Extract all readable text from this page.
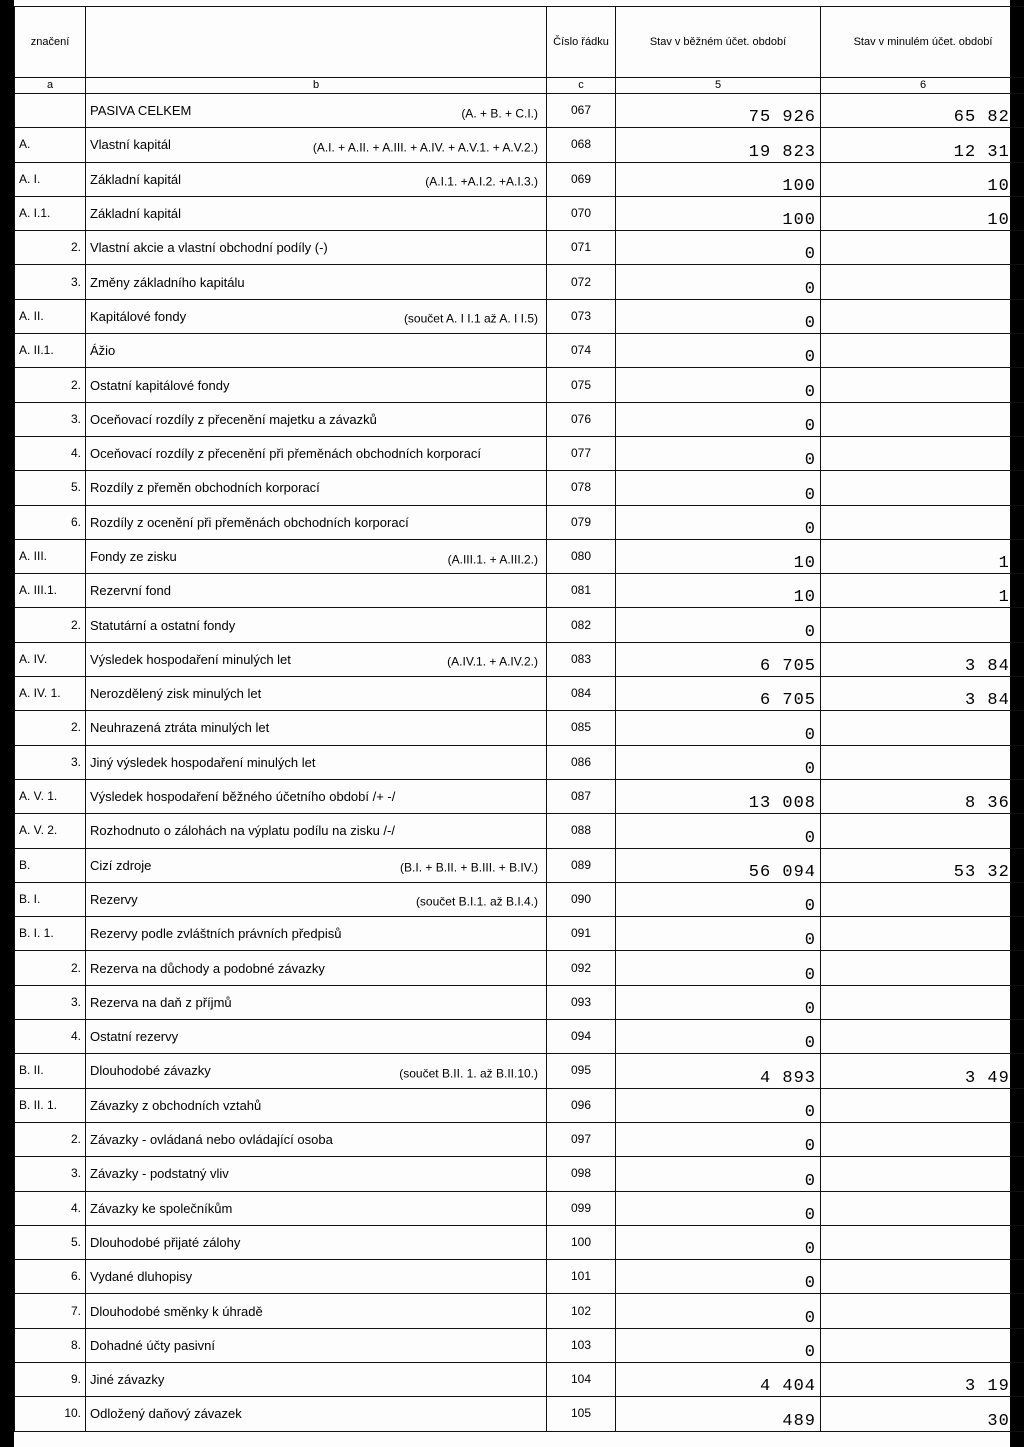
značení		Číslo řádku	Stav v běžném účet. období	Stav v minulém účet. období
a	b	c	5	6
	PASIVA CELKEM (A. + B. + C.I.)	067	75 926	65 828
A.	Vlastní kapitál (A.I. + A.II. + A.III. + A.IV. + A.V.1. + A.V.2.)	068	19 823	12 315
A. I.	Základní kapitál (A.I.1. +A.I.2. +A.I.3.)	069	100	100
A. I.1.	Základní kapitál	070	100	100
2.	Vlastní akcie a vlastní obchodní podíly (-)	071	0	0
3.	Změny základního kapitálu	072	0	0
A. II.	Kapitálové fondy (součet A. I I.1 až A. I I.5)	073	0	0
A. II.1.	Ážio	074	0	0
2.	Ostatní kapitálové fondy	075	0	0
3.	Oceňovací rozdíly z přecenění majetku a závazků	076	0	0
4.	Oceňovací rozdíly z přecenění při přeměnách obchodních korporací	077	0	0
5.	Rozdíly z přeměn obchodních korporací	078	0	0
6.	Rozdíly z ocenění při přeměnách obchodních korporací	079	0	0
A. III.	Fondy ze zisku (A.III.1. + A.III.2.)	080	10	10
A. III.1.	Rezervní fond	081	10	10
2.	Statutární a ostatní fondy	082	0	0
A. IV.	Výsledek hospodaření minulých let (A.IV.1. + A.IV.2.)	083	6 705	3 844
A. IV. 1.	Nerozdělený zisk minulých let	084	6 705	3 844
2.	Neuhrazená ztráta minulých let	085	0	0
3.	Jiný výsledek hospodaření minulých let	086	0	0
A. V. 1.	Výsledek hospodaření běžného účetního období /+ -/	087	13 008	8 361
A. V. 2.	Rozhodnuto o zálohách na výplatu podílu na zisku /-/	088	0	0
B.	Cizí zdroje (B.I. + B.II. + B.III. + B.IV.)	089	56 094	53 320
B. I.	Rezervy (součet B.I.1. až B.I.4.)	090	0	0
B. I. 1.	Rezervy podle zvláštních právních předpisů	091	0	0
2.	Rezerva na důchody a podobné závazky	092	0	0
3.	Rezerva na daň z příjmů	093	0	0
4.	Ostatní rezervy	094	0	0
B. II.	Dlouhodobé závazky (součet B.II. 1. až B.II.10.)	095	4 893	3 495
B. II. 1.	Závazky z obchodních vztahů	096	0	0
2.	Závazky - ovládaná nebo ovládající osoba	097	0	0
3.	Závazky - podstatný vliv	098	0	0
4.	Závazky ke společníkům	099	0	0
5.	Dlouhodobé přijaté zálohy	100	0	0
6.	Vydané dluhopisy	101	0	0
7.	Dlouhodobé směnky k úhradě	102	0	0
8.	Dohadné účty pasivní	103	0	0
9.	Jiné závazky	104	4 404	3 194
10.	Odložený daňový závazek	105	489	301
